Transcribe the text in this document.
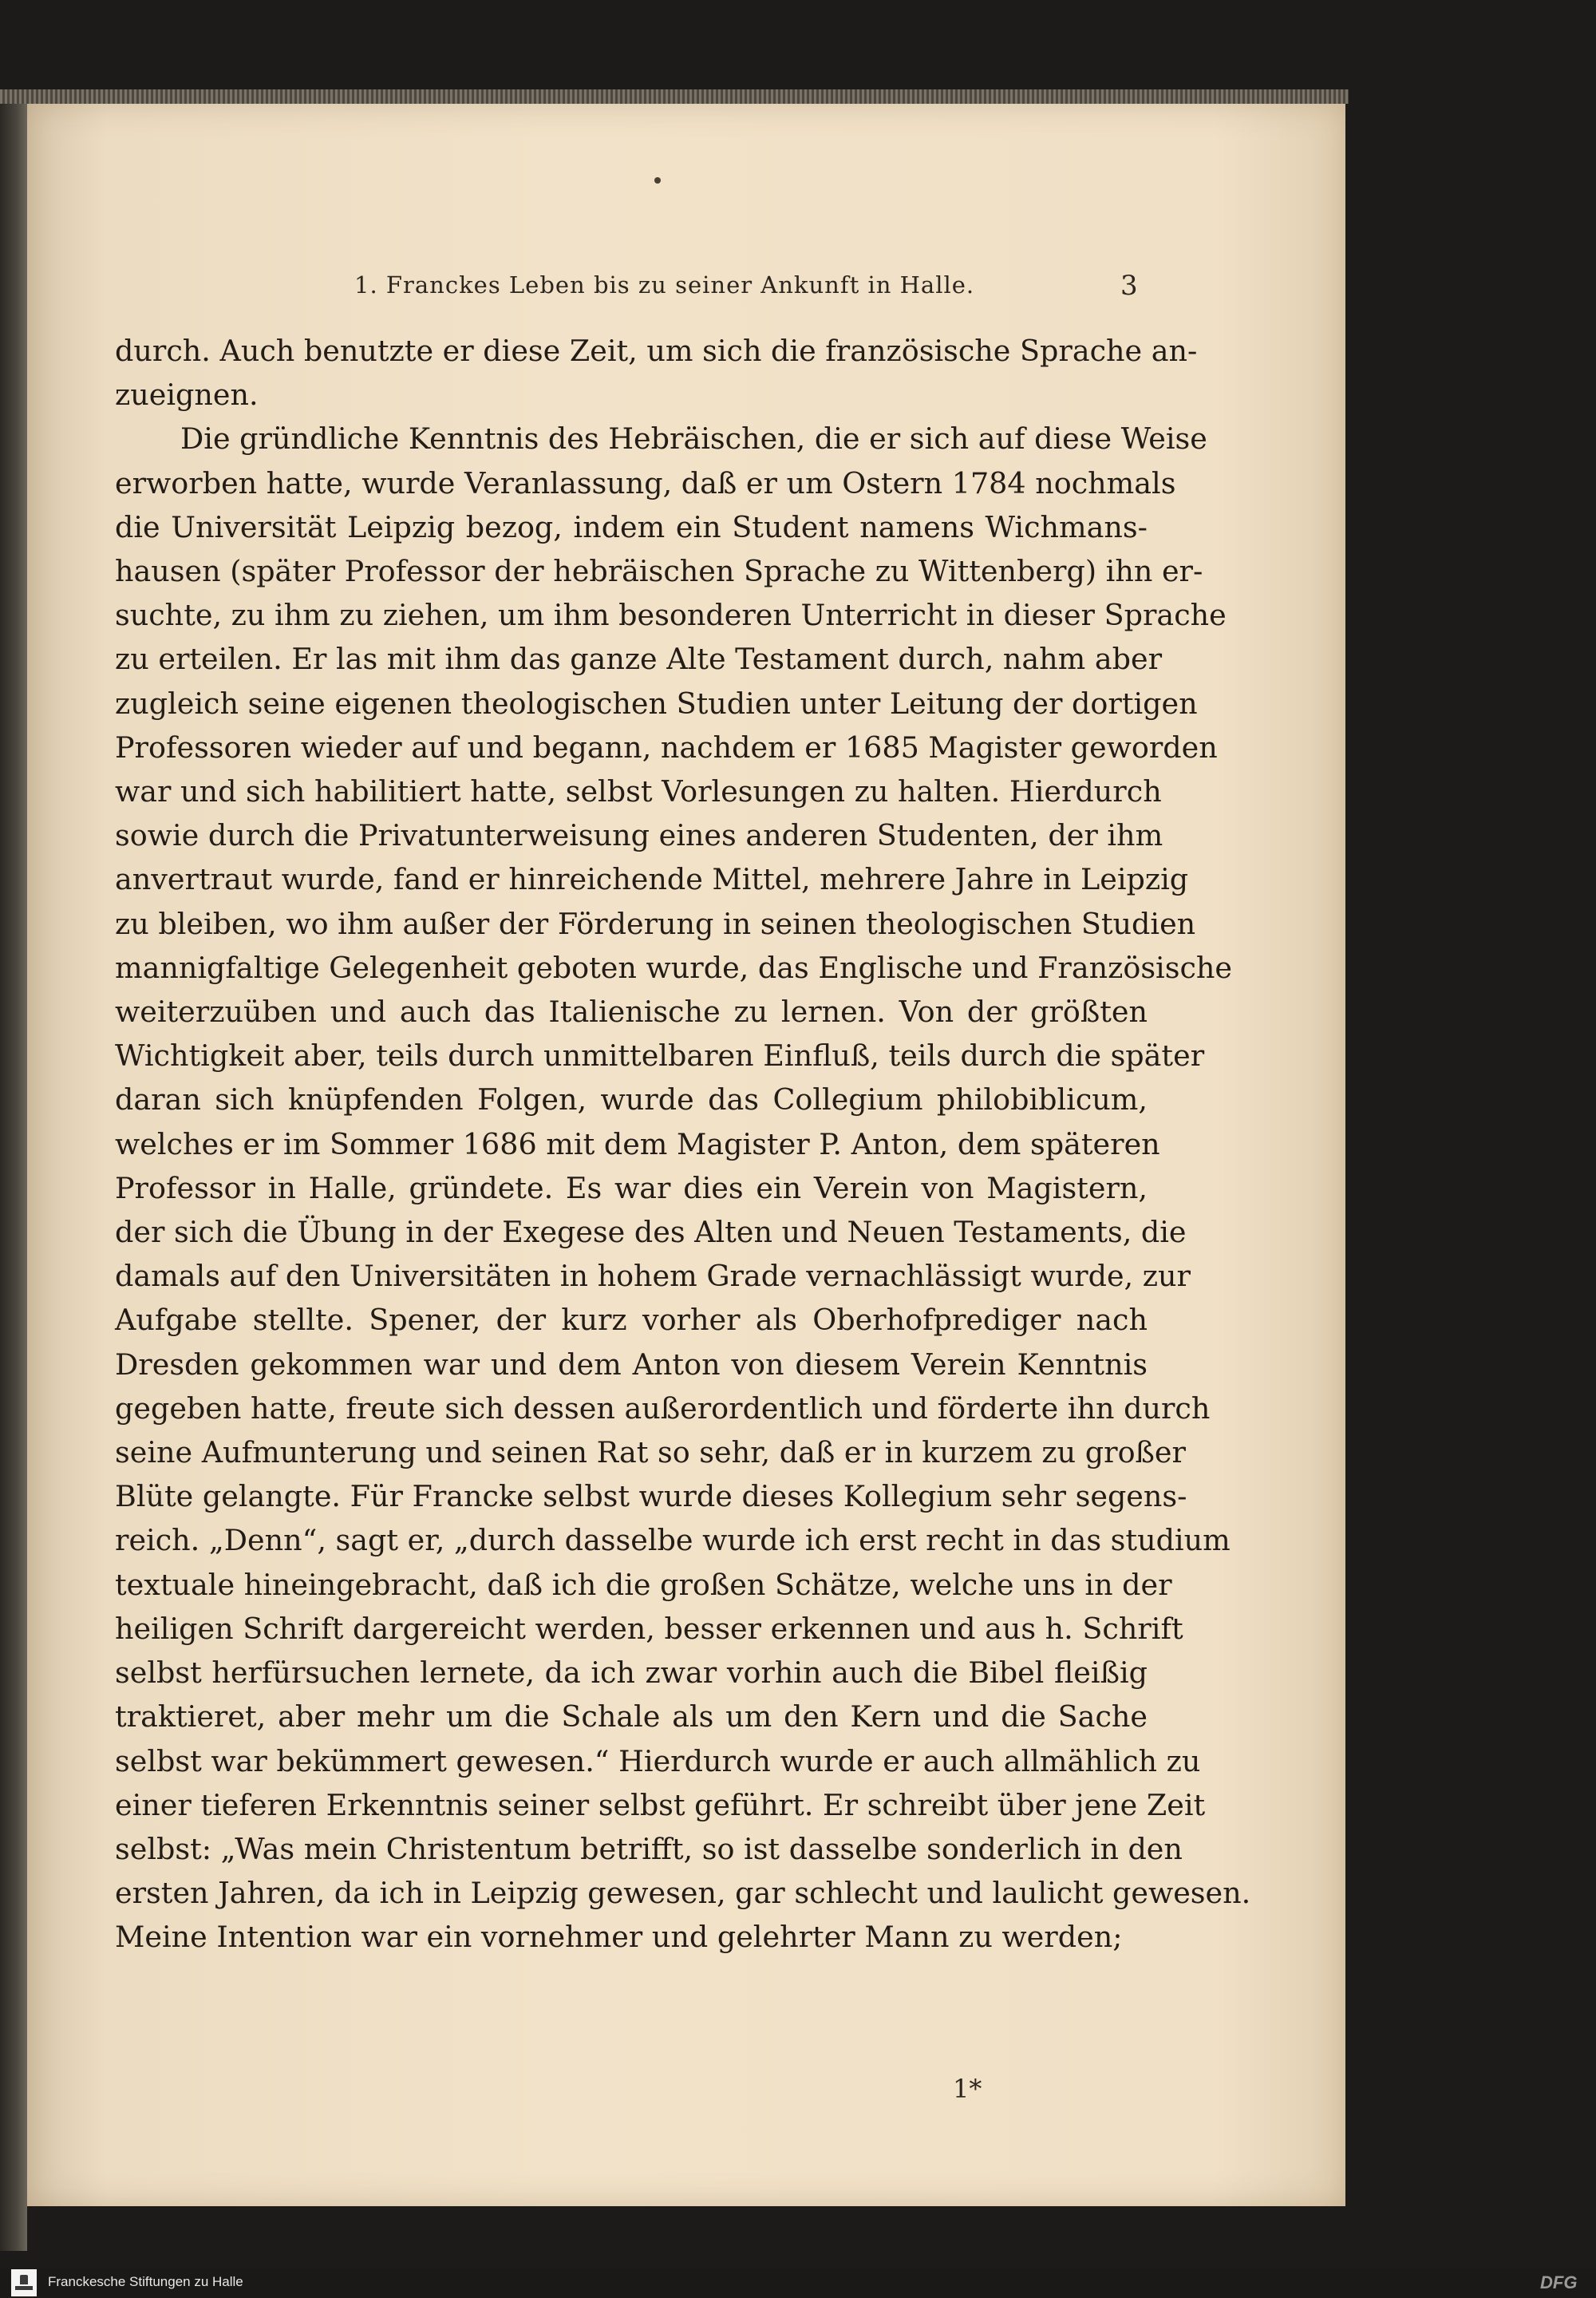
1. Franckes Leben bis zu seiner Ankunft in Halle.	3
durch. Auch benutzte er diese Zeit, um sich die französische Sprache an-
zueignen.
Die gründliche Kenntnis des Hebräischen, die er sich auf diese Weise
erworben hatte, wurde Veranlassung, daß er um Ostern 1784 nochmals
die Universität Leipzig bezog, indem ein Student namens Wichmans-
hausen (später Professor der hebräischen Sprache zu Wittenberg) ihn er-
suchte, zu ihm zu ziehen, um ihm besonderen Unterricht in dieser Sprache
zu erteilen. Er las mit ihm das ganze Alte Testament durch, nahm aber
zugleich seine eigenen theologischen Studien unter Leitung der dortigen
Professoren wieder auf und begann, nachdem er 1685 Magister geworden
war und sich habilitiert hatte, selbst Vorlesungen zu halten. Hierdurch
sowie durch die Privatunterweisung eines anderen Studenten, der ihm
anvertraut wurde, fand er hinreichende Mittel, mehrere Jahre in Leipzig
zu bleiben, wo ihm außer der Förderung in seinen theologischen Studien
mannigfaltige Gelegenheit geboten wurde, das Englische und Französische
weiterzuüben und auch das Italienische zu lernen. Von der größten
Wichtigkeit aber, teils durch unmittelbaren Einfluß, teils durch die später
daran sich knüpfenden Folgen, wurde das Collegium philobiblicum,
welches er im Sommer 1686 mit dem Magister P. Anton, dem späteren
Professor in Halle, gründete. Es war dies ein Verein von Magistern,
der sich die Übung in der Exegese des Alten und Neuen Testaments, die
damals auf den Universitäten in hohem Grade vernachlässigt wurde, zur
Aufgabe stellte. Spener, der kurz vorher als Oberhofprediger nach
Dresden gekommen war und dem Anton von diesem Verein Kenntnis
gegeben hatte, freute sich dessen außerordentlich und förderte ihn durch
seine Aufmunterung und seinen Rat so sehr, daß er in kurzem zu großer
Blüte gelangte. Für Francke selbst wurde dieses Kollegium sehr segens-
reich. „Denn“, sagt er, „durch dasselbe wurde ich erst recht in das studium
textuale hineingebracht, daß ich die großen Schätze, welche uns in der
heiligen Schrift dargereicht werden, besser erkennen und aus h. Schrift
selbst herfürsuchen lernete, da ich zwar vorhin auch die Bibel fleißig
traktieret, aber mehr um die Schale als um den Kern und die Sache
selbst war bekümmert gewesen.“ Hierdurch wurde er auch allmählich zu
einer tieferen Erkenntnis seiner selbst geführt. Er schreibt über jene Zeit
selbst: „Was mein Christentum betrifft, so ist dasselbe sonderlich in den
ersten Jahren, da ich in Leipzig gewesen, gar schlecht und laulicht gewesen.
Meine Intention war ein vornehmer und gelehrter Mann zu werden;
1*
Franckesche Stiftungen zu Halle	DFG
